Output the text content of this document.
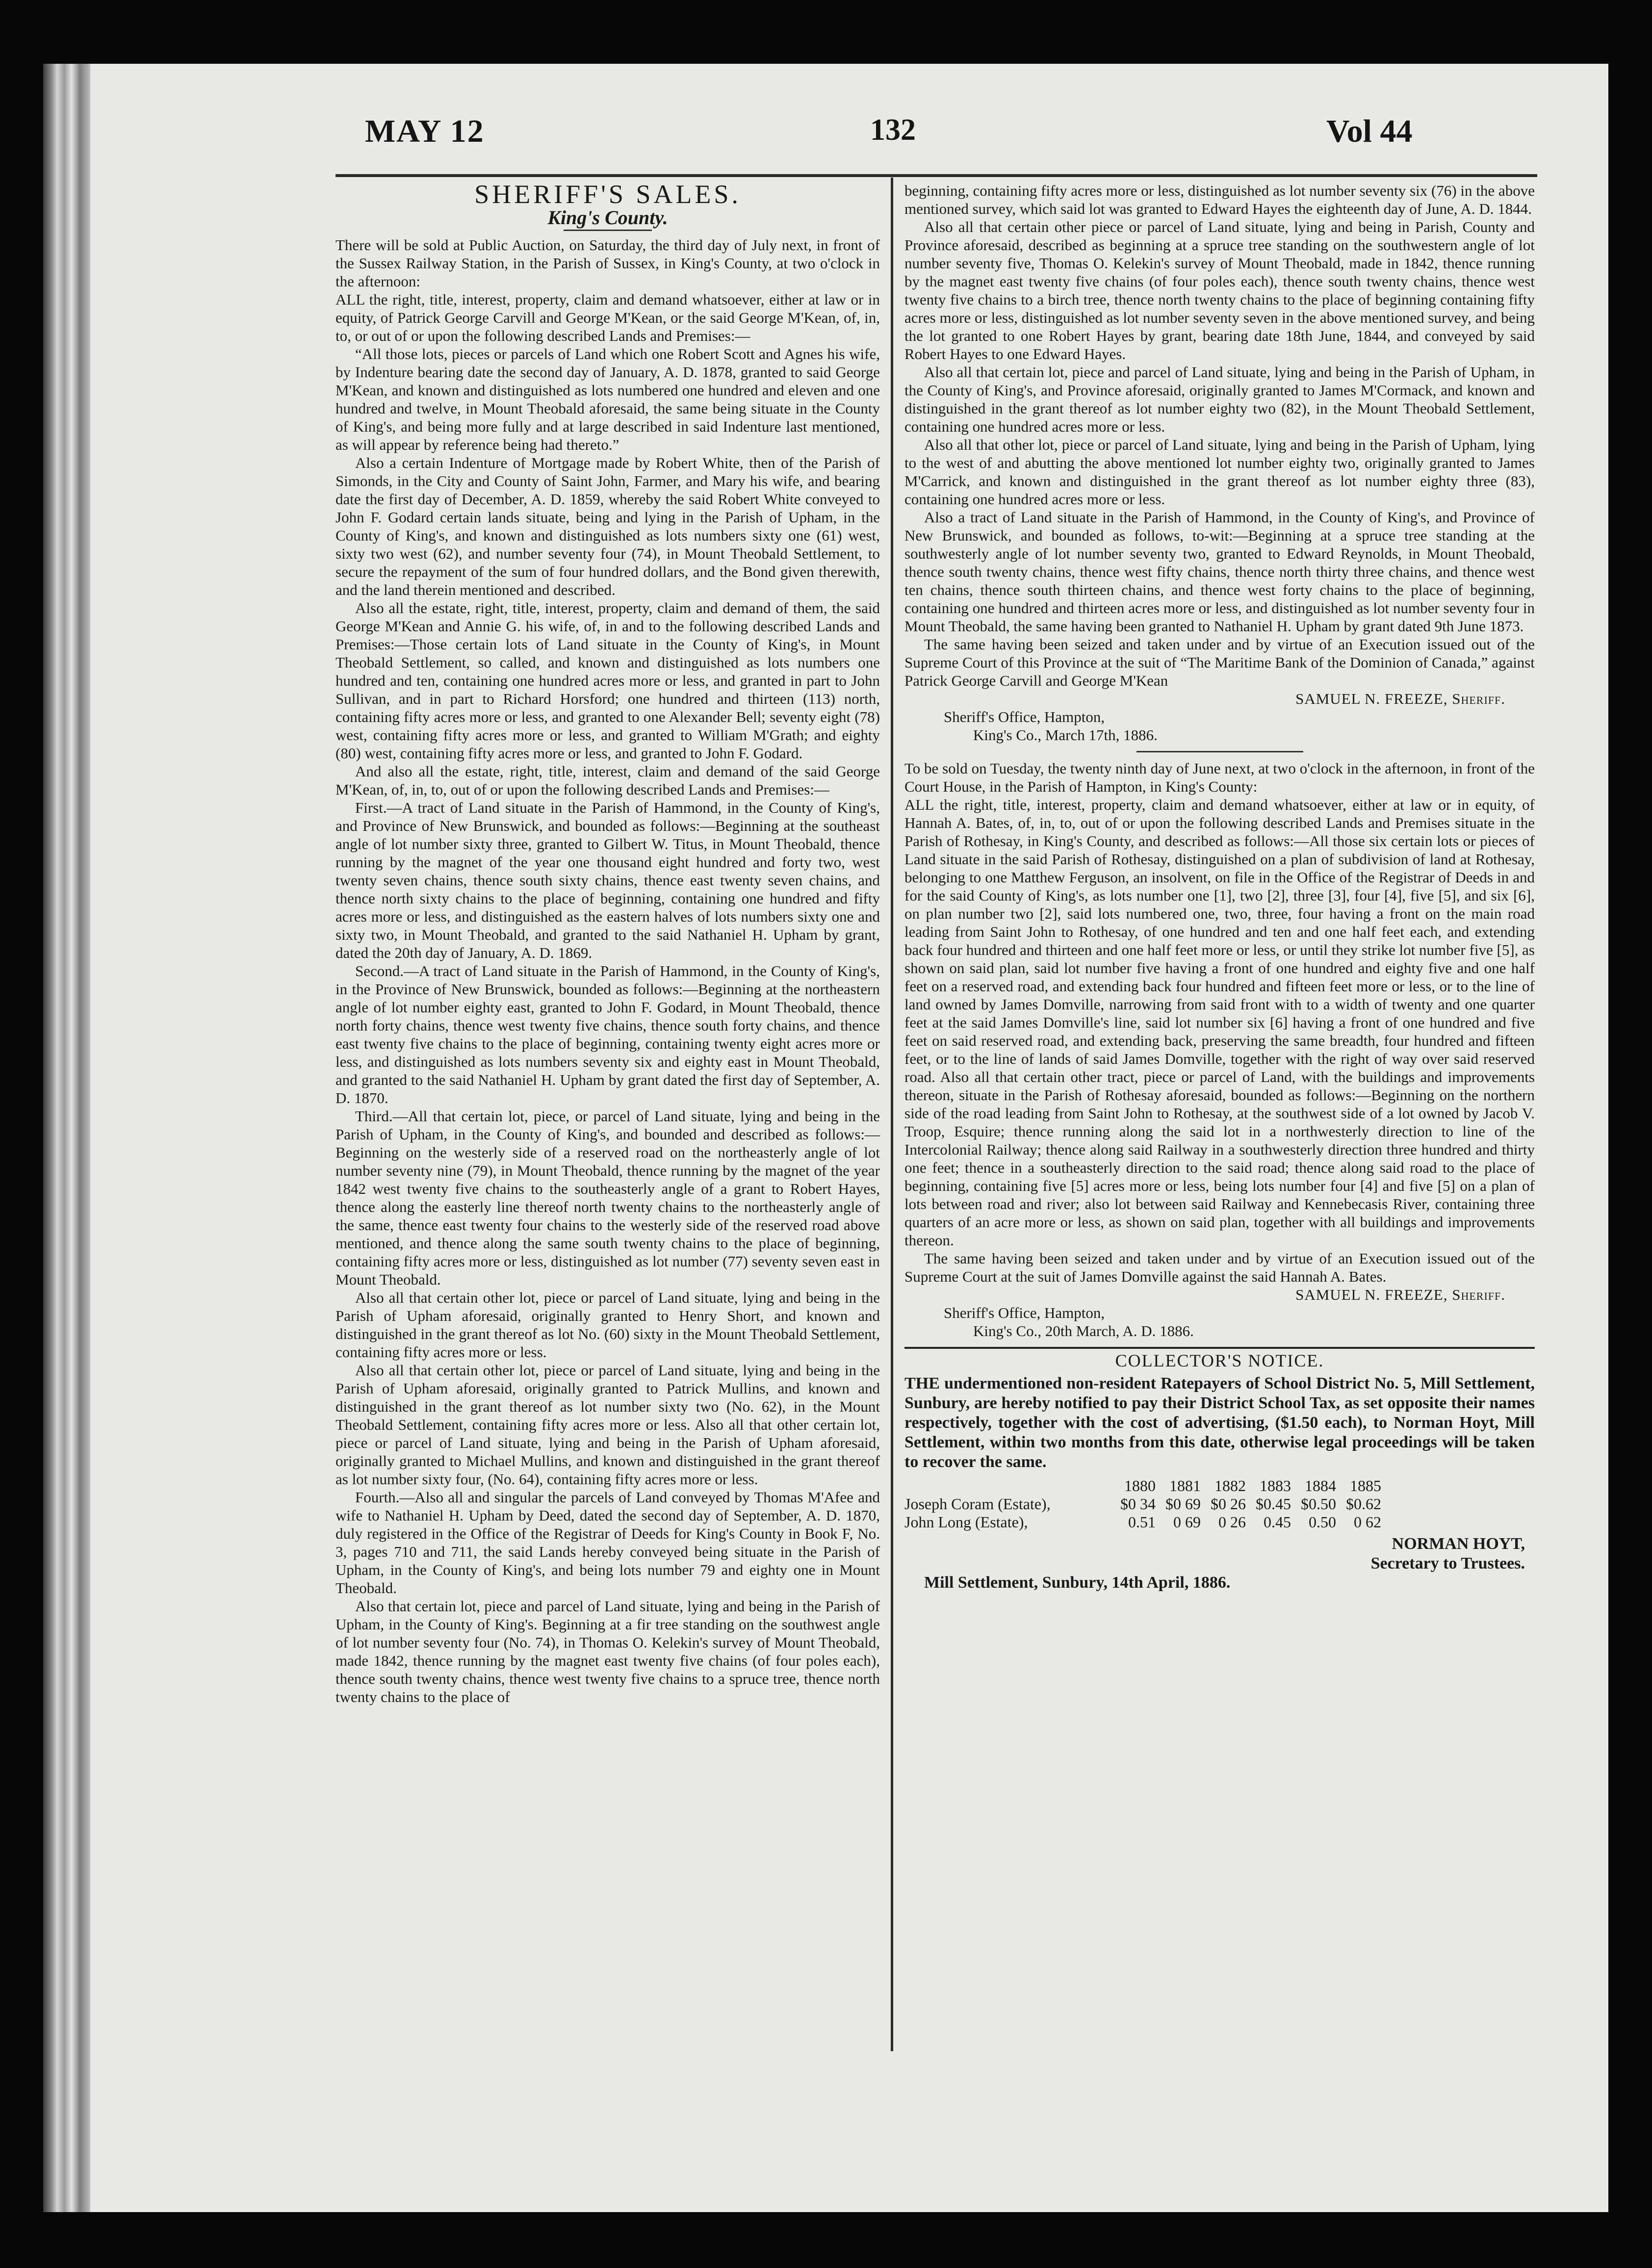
MAY 12	132	Vol 44
SHERIFF'S SALES.
King's County.

There will be sold at Public Auction, on Saturday, the third day of July next, in front of the Sussex Railway Station, in the Parish of Sussex, in King's County, at two o'clock in the afternoon:

ALL the right, title, interest, property, claim and demand whatsoever, either at law or in equity, of Patrick George Carvill and George M'Kean, or the said George M'Kean, of, in, to, or out of or upon the following described Lands and Premises:—

“All those lots, pieces or parcels of Land which one Robert Scott and Agnes his wife, by Indenture bearing date the second day of January, A. D. 1878, granted to said George M'Kean, and known and distinguished as lots numbered one hundred and eleven and one hundred and twelve, in Mount Theobald aforesaid, the same being situate in the County of King's, and being more fully and at large described in said Indenture last mentioned, as will appear by reference being had thereto.”

Also a certain Indenture of Mortgage made by Robert White, then of the Parish of Simonds, in the City and County of Saint John, Farmer, and Mary his wife, and bearing date the first day of December, A. D. 1859, whereby the said Robert White conveyed to John F. Godard certain lands situate, being and lying in the Parish of Upham, in the County of King's, and known and distinguished as lots numbers sixty one (61) west, sixty two west (62), and number seventy four (74), in Mount Theobald Settlement, to secure the repayment of the sum of four hundred dollars, and the Bond given therewith, and the land therein mentioned and described.

Also all the estate, right, title, interest, property, claim and demand of them, the said George M'Kean and Annie G. his wife, of, in and to the following described Lands and Premises:—Those certain lots of Land situate in the County of King's, in Mount Theobald Settlement, so called, and known and distinguished as lots numbers one hundred and ten, containing one hundred acres more or less, and granted in part to John Sullivan, and in part to Richard Horsford; one hundred and thirteen (113) north, containing fifty acres more or less, and granted to one Alexander Bell; seventy eight (78) west, containing fifty acres more or less, and granted to William M'Grath; and eighty (80) west, containing fifty acres more or less, and granted to John F. Godard.

And also all the estate, right, title, interest, claim and demand of the said George M'Kean, of, in, to, out of or upon the following described Lands and Premises:—

First.—A tract of Land situate in the Parish of Hammond, in the County of King's, and Province of New Brunswick, and bounded as follows:—Beginning at the southeast angle of lot number sixty three, granted to Gilbert W. Titus, in Mount Theobald, thence running by the magnet of the year one thousand eight hundred and forty two, west twenty seven chains, thence south sixty chains, thence east twenty seven chains, and thence north sixty chains to the place of beginning, containing one hundred and fifty acres more or less, and distinguished as the eastern halves of lots numbers sixty one and sixty two, in Mount Theobald, and granted to the said Nathaniel H. Upham by grant, dated the 20th day of January, A. D. 1869.

Second.—A tract of Land situate in the Parish of Hammond, in the County of King's, in the Province of New Brunswick, bounded as follows:—Beginning at the northeastern angle of lot number eighty east, granted to John F. Godard, in Mount Theobald, thence north forty chains, thence west twenty five chains, thence south forty chains, and thence east twenty five chains to the place of beginning, containing twenty eight acres more or less, and distinguished as lots numbers seventy six and eighty east in Mount Theobald, and granted to the said Nathaniel H. Upham by grant dated the first day of September, A. D. 1870.

Third.—All that certain lot, piece, or parcel of Land situate, lying and being in the Parish of Upham, in the County of King's, and bounded and described as follows:—Beginning on the westerly side of a reserved road on the northeasterly angle of lot number seventy nine (79), in Mount Theobald, thence running by the magnet of the year 1842 west twenty five chains to the southeasterly angle of a grant to Robert Hayes, thence along the easterly line thereof north twenty chains to the northeasterly angle of the same, thence east twenty four chains to the westerly side of the reserved road above mentioned, and thence along the same south twenty chains to the place of beginning, containing fifty acres more or less, distinguished as lot number (77) seventy seven east in Mount Theobald.

Also all that certain other lot, piece or parcel of Land situate, lying and being in the Parish of Upham aforesaid, originally granted to Henry Short, and known and distinguished in the grant thereof as lot No. (60) sixty in the Mount Theobald Settlement, containing fifty acres more or less.

Also all that certain other lot, piece or parcel of Land situate, lying and being in the Parish of Upham aforesaid, originally granted to Patrick Mullins, and known and distinguished in the grant thereof as lot number sixty two (No. 62), in the Mount Theobald Settlement, containing fifty acres more or less. Also all that other certain lot, piece or parcel of Land situate, lying and being in the Parish of Upham aforesaid, originally granted to Michael Mullins, and known and distinguished in the grant thereof as lot number sixty four, (No. 64), containing fifty acres more or less.

Fourth.—Also all and singular the parcels of Land conveyed by Thomas M'Afee and wife to Nathaniel H. Upham by Deed, dated the second day of September, A. D. 1870, duly registered in the Office of the Registrar of Deeds for King's County in Book F, No. 3, pages 710 and 711, the said Lands hereby conveyed being situate in the Parish of Upham, in the County of King's, and being lots number 79 and eighty one in Mount Theobald.

Also that certain lot, piece and parcel of Land situate, lying and being in the Parish of Upham, in the County of King's. Beginning at a fir tree standing on the southwest angle of lot number seventy four (No. 74), in Thomas O. Kelekin's survey of Mount Theobald, made 1842, thence running by the magnet east twenty five chains (of four poles each), thence south twenty chains, thence west twenty five chains to a spruce tree, thence north twenty chains to the place of

beginning, containing fifty acres more or less, distinguished as lot number seventy six (76) in the above mentioned survey, which said lot was granted to Edward Hayes the eighteenth day of June, A. D. 1844.

Also all that certain other piece or parcel of Land situate, lying and being in Parish, County and Province aforesaid, described as beginning at a spruce tree standing on the southwestern angle of lot number seventy five, Thomas O. Kelekin's survey of Mount Theobald, made in 1842, thence running by the magnet east twenty five chains (of four poles each), thence south twenty chains, thence west twenty five chains to a birch tree, thence north twenty chains to the place of beginning containing fifty acres more or less, distinguished as lot number seventy seven in the above mentioned survey, and being the lot granted to one Robert Hayes by grant, bearing date 18th June, 1844, and conveyed by said Robert Hayes to one Edward Hayes.

Also all that certain lot, piece and parcel of Land situate, lying and being in the Parish of Upham, in the County of King's, and Province aforesaid, originally granted to James M'Cormack, and known and distinguished in the grant thereof as lot number eighty two (82), in the Mount Theobald Settlement, containing one hundred acres more or less.

Also all that other lot, piece or parcel of Land situate, lying and being in the Parish of Upham, lying to the west of and abutting the above mentioned lot number eighty two, originally granted to James M'Carrick, and known and distinguished in the grant thereof as lot number eighty three (83), containing one hundred acres more or less.

Also a tract of Land situate in the Parish of Hammond, in the County of King's, and Province of New Brunswick, and bounded as follows, to-wit:—Beginning at a spruce tree standing at the southwesterly angle of lot number seventy two, granted to Edward Reynolds, in Mount Theobald, thence south twenty chains, thence west fifty chains, thence north thirty three chains, and thence west ten chains, thence south thirteen chains, and thence west forty chains to the place of beginning, containing one hundred and thirteen acres more or less, and distinguished as lot number seventy four in Mount Theobald, the same having been granted to Nathaniel H. Upham by grant dated 9th June 1873.

The same having been seized and taken under and by virtue of an Execution issued out of the Supreme Court of this Province at the suit of “The Maritime Bank of the Dominion of Canada,” against Patrick George Carvill and George M'Kean

SAMUEL N. FREEZE, Sheriff.

Sheriff's Office, Hampton,

King's Co., March 17th, 1886.

To be sold on Tuesday, the twenty ninth day of June next, at two o'clock in the afternoon, in front of the Court House, in the Parish of Hampton, in King's County:

ALL the right, title, interest, property, claim and demand whatsoever, either at law or in equity, of Hannah A. Bates, of, in, to, out of or upon the following described Lands and Premises situate in the Parish of Rothesay, in King's County, and described as follows:—All those six certain lots or pieces of Land situate in the said Parish of Rothesay, distinguished on a plan of subdivision of land at Rothesay, belonging to one Matthew Ferguson, an insolvent, on file in the Office of the Registrar of Deeds in and for the said County of King's, as lots number one [1], two [2], three [3], four [4], five [5], and six [6], on plan number two [2], said lots numbered one, two, three, four having a front on the main road leading from Saint John to Rothesay, of one hundred and ten and one half feet each, and extending back four hundred and thirteen and one half feet more or less, or until they strike lot number five [5], as shown on said plan, said lot number five having a front of one hundred and eighty five and one half feet on a reserved road, and extending back four hundred and fifteen feet more or less, or to the line of land owned by James Domville, narrowing from said front with to a width of twenty and one quarter feet at the said James Domville's line, said lot number six [6] having a front of one hundred and five feet on said reserved road, and extending back, preserving the same breadth, four hundred and fifteen feet, or to the line of lands of said James Domville, together with the right of way over said reserved road. Also all that certain other tract, piece or parcel of Land, with the buildings and improvements thereon, situate in the Parish of Rothesay aforesaid, bounded as follows:—Beginning on the northern side of the road leading from Saint John to Rothesay, at the southwest side of a lot owned by Jacob V. Troop, Esquire; thence running along the said lot in a northwesterly direction to line of the Intercolonial Railway; thence along said Railway in a southwesterly direction three hundred and thirty one feet; thence in a southeasterly direction to the said road; thence along said road to the place of beginning, containing five [5] acres more or less, being lots number four [4] and five [5] on a plan of lots between road and river; also lot between said Railway and Kennebecasis River, containing three quarters of an acre more or less, as shown on said plan, together with all buildings and improvements thereon.

The same having been seized and taken under and by virtue of an Execution issued out of the Supreme Court at the suit of James Domville against the said Hannah A. Bates.

SAMUEL N. FREEZE, Sheriff.

Sheriff's Office, Hampton,

King's Co., 20th March, A. D. 1886.

COLLECTOR'S NOTICE.

THE undermentioned non-resident Ratepayers of School District No. 5, Mill Settlement, Sunbury, are hereby notified to pay their District School Tax, as set opposite their names respectively, together with the cost of advertising, ($1.50 each), to Norman Hoyt, Mill Settlement, within two months from this date, otherwise legal proceedings will be taken to recover the same.

	1880	1881	1882	1883	1884	1885
Joseph Coram (Estate),	$0 34	$0 69	$0 26	$0.45	$0.50	$0.62
John Long (Estate),	0.51	0 69	0 26	0.45	0.50	0 62
NORMAN HOYT,
Secretary to Trustees.
Mill Settlement, Sunbury, 14th April, 1886.
